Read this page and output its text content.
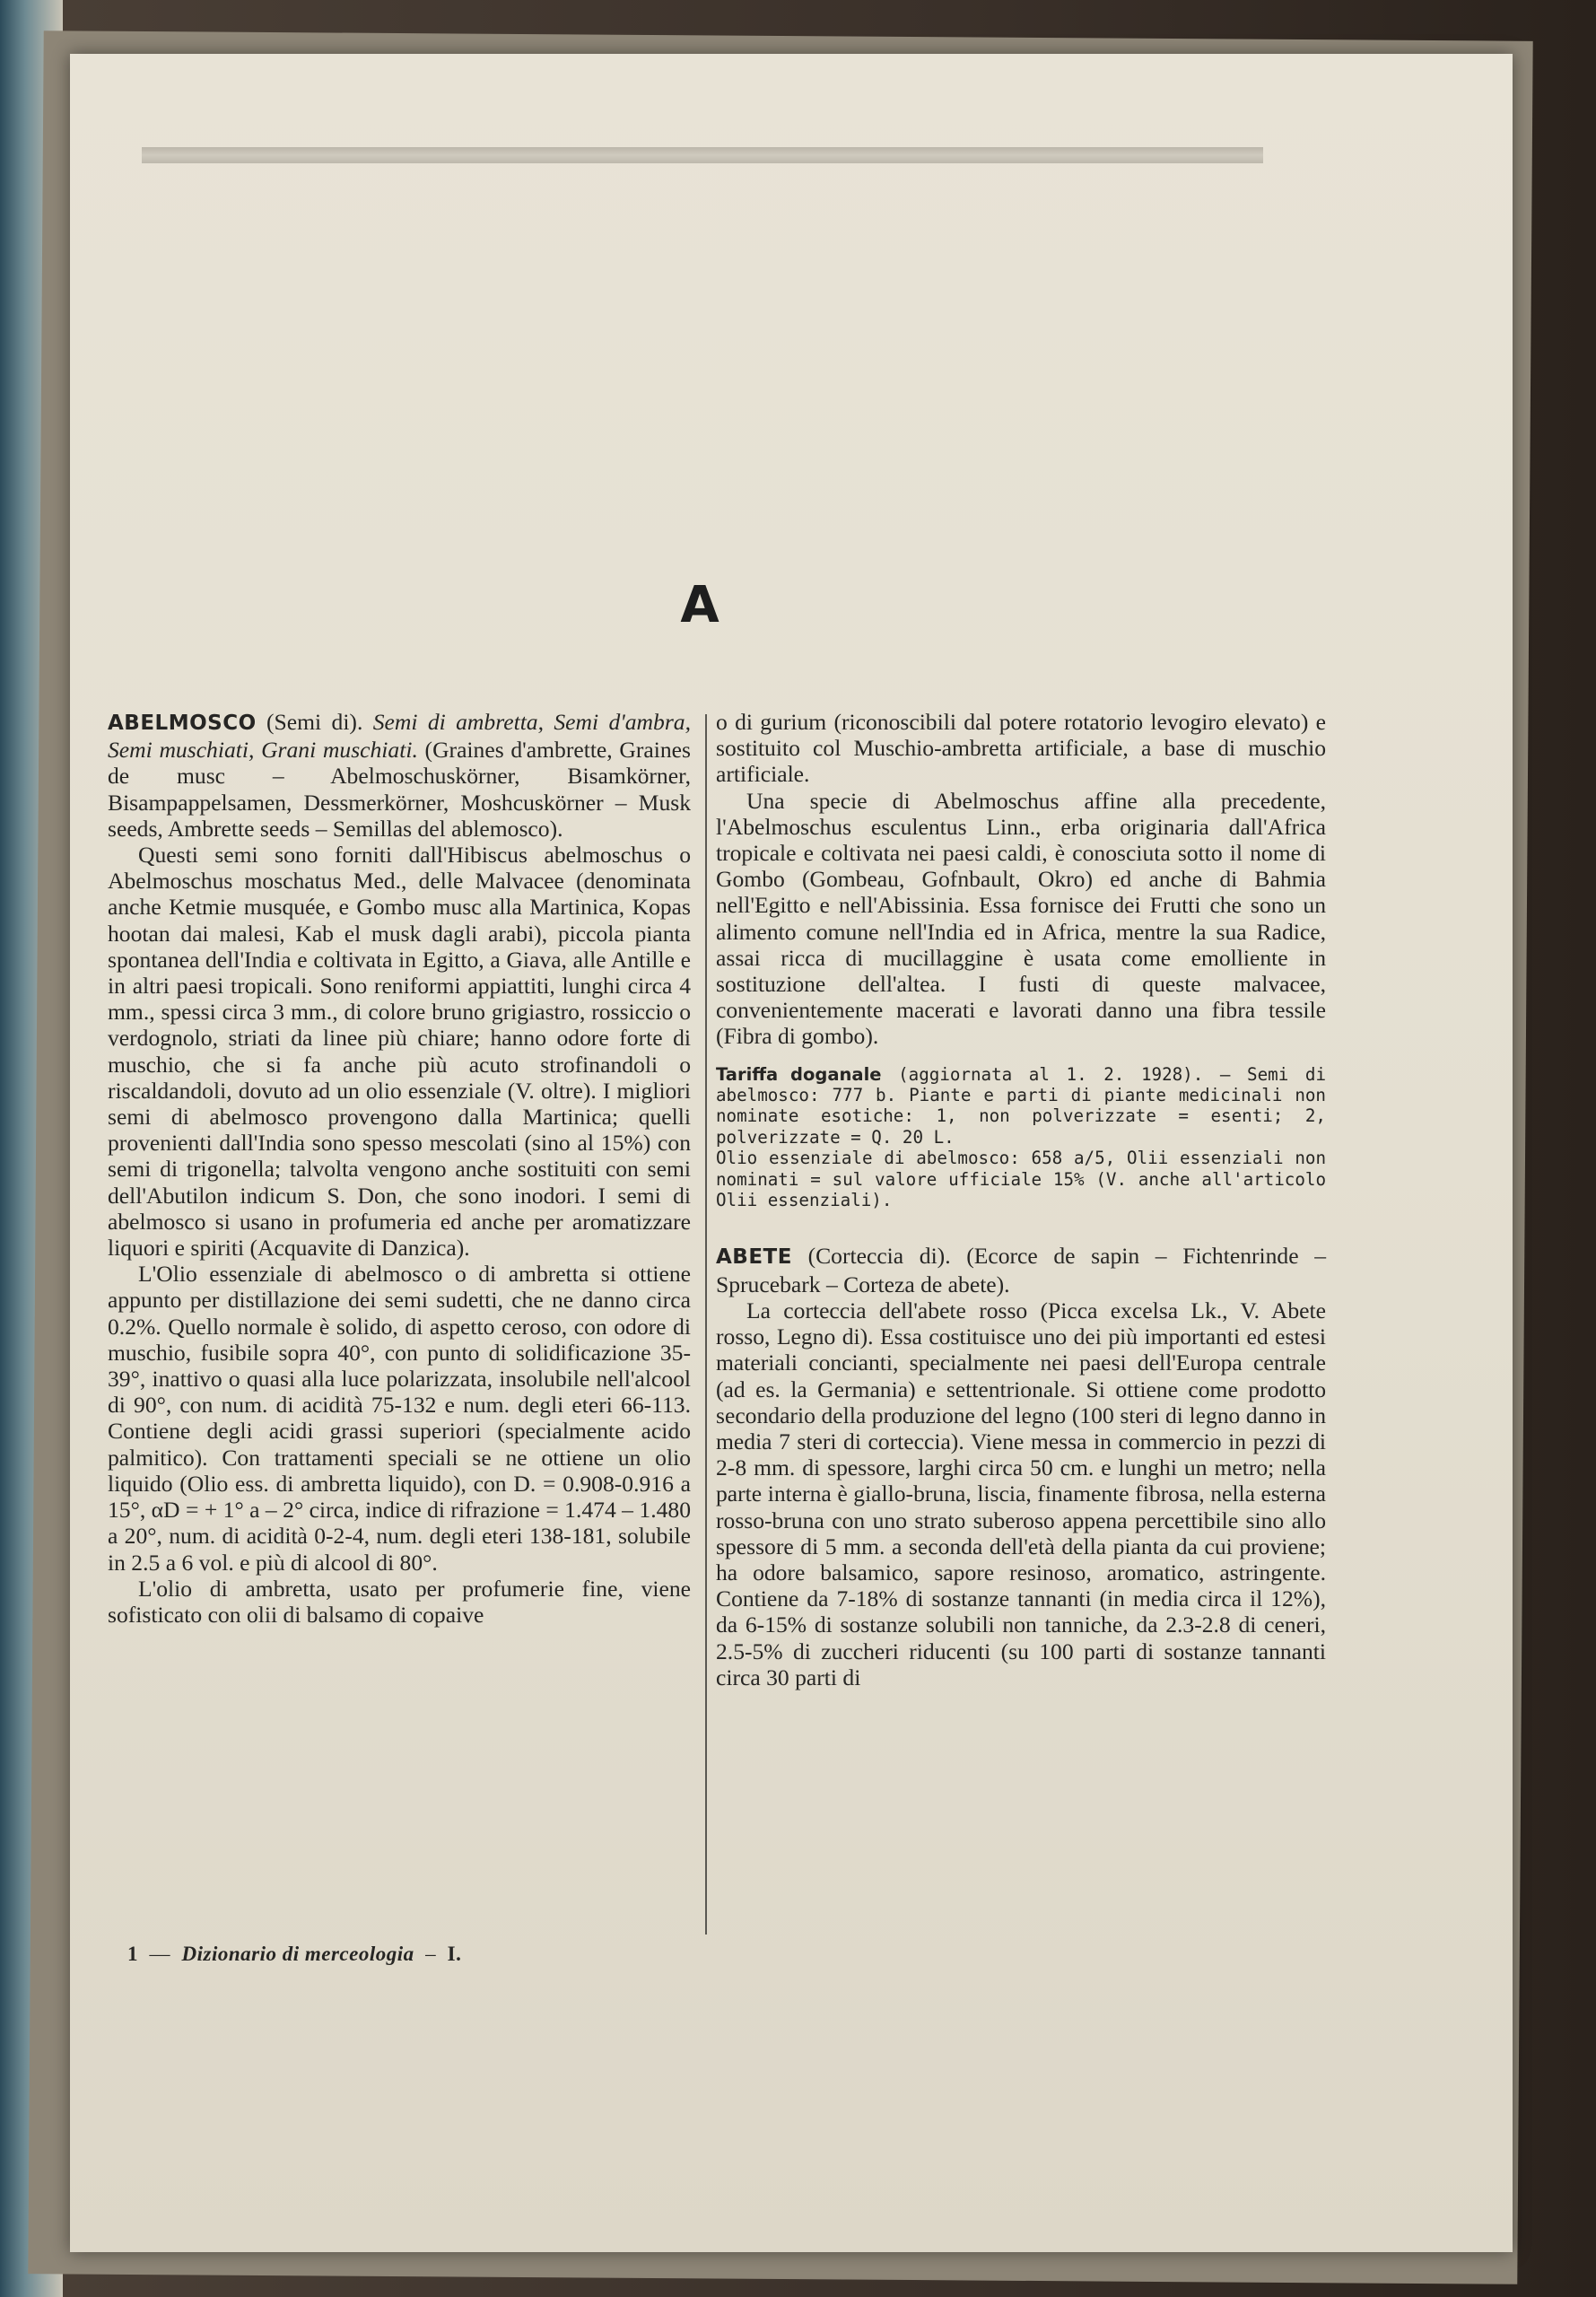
A

ABELMOSCO (Semi di). Semi di ambretta, Semi d'ambra, Semi muschiati, Grani muschiati. (Graines d'ambrette, Graines de musc – Abelmoschuskörner, Bisamkörner, Bisampappelsamen, Dessmerkörner, Moshcuskörner – Musk seeds, Ambrette seeds – Semillas del ablemosco).

Questi semi sono forniti dall'Hibiscus abelmoschus o Abelmoschus moschatus Med., delle Malvacee (denominata anche Ketmie musquée, e Gombo musc alla Martinica, Kopas hootan dai malesi, Kab el musk dagli arabi), piccola pianta spontanea dell'India e coltivata in Egitto, a Giava, alle Antille e in altri paesi tropicali. Sono reniformi appiattiti, lunghi circa 4 mm., spessi circa 3 mm., di colore bruno grigiastro, rossiccio o verdognolo, striati da linee più chiare; hanno odore forte di muschio, che si fa anche più acuto strofinandoli o riscaldandoli, dovuto ad un olio essenziale (V. oltre). I migliori semi di abelmosco provengono dalla Martinica; quelli provenienti dall'India sono spesso mescolati (sino al 15%) con semi di trigonella; talvolta vengono anche sostituiti con semi dell'Abutilon indicum S. Don, che sono inodori. I semi di abelmosco si usano in profumeria ed anche per aromatizzare liquori e spiriti (Acquavite di Danzica).

L'Olio essenziale di abelmosco o di ambretta si ottiene appunto per distillazione dei semi sudetti, che ne danno circa 0.2%. Quello normale è solido, di aspetto ceroso, con odore di muschio, fusibile sopra 40°, con punto di solidificazione 35-39°, inattivo o quasi alla luce polarizzata, insolubile nell'alcool di 90°, con num. di acidità 75-132 e num. degli eteri 66-113. Contiene degli acidi grassi superiori (specialmente acido palmitico). Con trattamenti speciali se ne ottiene un olio liquido (Olio ess. di ambretta liquido), con D. = 0.908-0.916 a 15°, αD = + 1° a – 2° circa, indice di rifrazione = 1.474 – 1.480 a 20°, num. di acidità 0-2-4, num. degli eteri 138-181, solubile in 2.5 a 6 vol. e più di alcool di 80°.

L'olio di ambretta, usato per profumerie fine, viene sofisticato con olii di balsamo di copaive

o di gurium (riconoscibili dal potere rotatorio levogiro elevato) e sostituito col Muschio-ambretta artificiale, a base di muschio artificiale.

Una specie di Abelmoschus affine alla precedente, l'Abelmoschus esculentus Linn., erba originaria dall'Africa tropicale e coltivata nei paesi caldi, è conosciuta sotto il nome di Gombo (Gombeau, Gofnbault, Okro) ed anche di Bahmia nell'Egitto e nell'Abissinia. Essa fornisce dei Frutti che sono un alimento comune nell'India ed in Africa, mentre la sua Radice, assai ricca di mucillaggine è usata come emolliente in sostituzione dell'altea. I fusti di queste malvacee, convenientemente macerati e lavorati danno una fibra tessile (Fibra di gombo).

Tariffa doganale (aggiornata al 1. 2. 1928). – Semi di abelmosco: 777 b. Piante e parti di piante medicinali non nominate esotiche: 1, non polverizzate = esenti; 2, polverizzate = Q. 20 L.
Olio essenziale di abelmosco: 658 a/5, Olii essenziali non nominati = sul valore ufficiale 15% (V. anche all'articolo Olii essenziali).

ABETE (Corteccia di). (Ecorce de sapin – Fichtenrinde – Sprucebark – Corteza de abete).

La corteccia dell'abete rosso (Picca excelsa Lk., V. Abete rosso, Legno di). Essa costituisce uno dei più importanti ed estesi materiali concianti, specialmente nei paesi dell'Europa centrale (ad es. la Germania) e settentrionale. Si ottiene come prodotto secondario della produzione del legno (100 steri di legno danno in media 7 steri di corteccia). Viene messa in commercio in pezzi di 2-8 mm. di spessore, larghi circa 50 cm. e lunghi un metro; nella parte interna è giallo-bruna, liscia, finamente fibrosa, nella esterna rosso-bruna con uno strato suberoso appena percettibile sino allo spessore di 5 mm. a seconda dell'età della pianta da cui proviene; ha odore balsamico, sapore resinoso, aromatico, astringente. Contiene da 7-18% di sostanze tannanti (in media circa il 12%), da 6-15% di sostanze solubili non tanniche, da 2.3-2.8 di ceneri, 2.5-5% di zuccheri riducenti (su 100 parti di sostanze tannanti circa 30 parti di

1  —  Dizionario di merceologia  –  I.
